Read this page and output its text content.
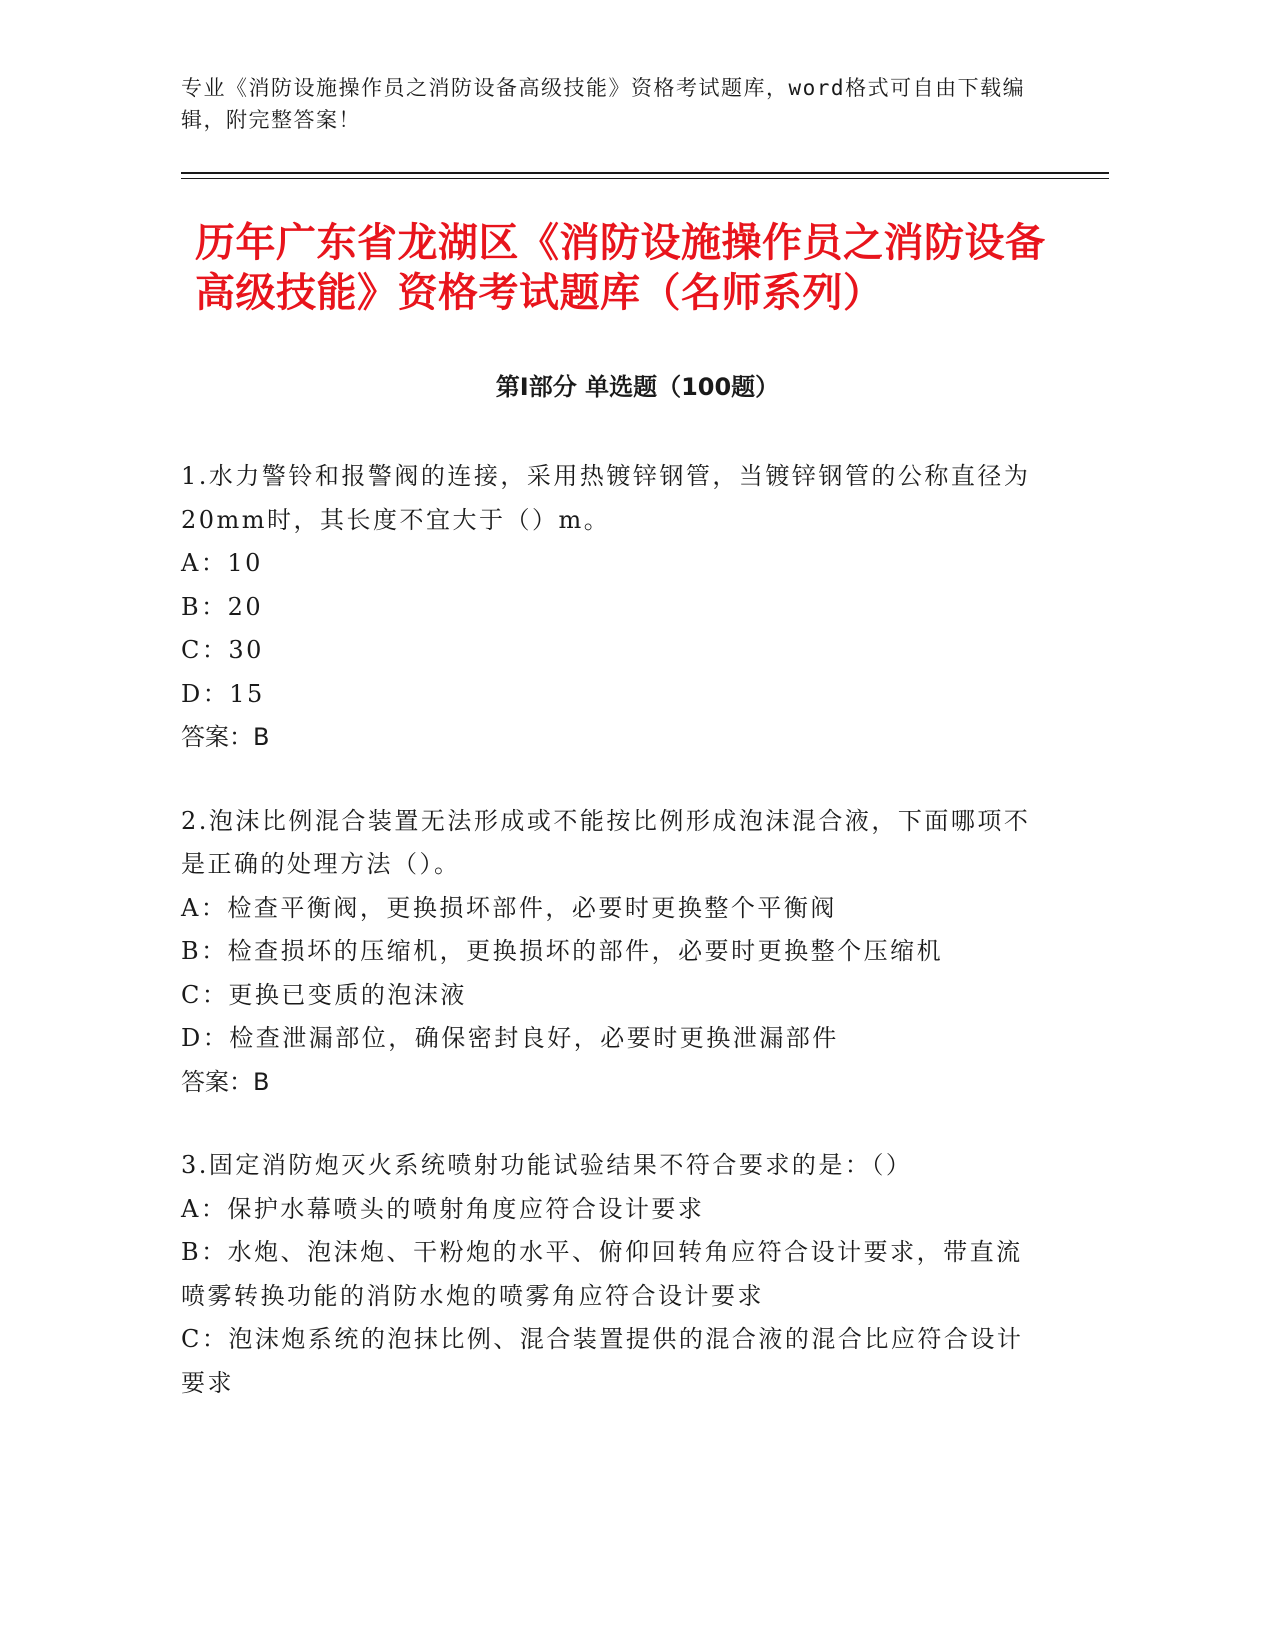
专业《消防设施操作员之消防设备高级技能》资格考试题库，word格式可自由下载编辑，附完整答案！
历年广东省龙湖区《消防设施操作员之消防设备高级技能》资格考试题库（名师系列）
第Ⅰ部分 单选题（100题）

1.水力警铃和报警阀的连接，采用热镀锌钢管，当镀锌钢管的公称直径为20mm时，其长度不宜大于（）m。

A：10

B：20

C：30

D：15

答案：B

2.泡沫比例混合装置无法形成或不能按比例形成泡沫混合液，下面哪项不是正确的处理方法（）。

A：检查平衡阀，更换损坏部件，必要时更换整个平衡阀

B：检查损坏的压缩机，更换损坏的部件，必要时更换整个压缩机

C：更换已变质的泡沫液

D：检查泄漏部位，确保密封良好，必要时更换泄漏部件

答案：B

3.固定消防炮灭火系统喷射功能试验结果不符合要求的是：（）

A：保护水幕喷头的喷射角度应符合设计要求

B：水炮、泡沫炮、干粉炮的水平、俯仰回转角应符合设计要求，带直流喷雾转换功能的消防水炮的喷雾角应符合设计要求

C：泡沫炮系统的泡抹比例、混合装置提供的混合液的混合比应符合设计要求
